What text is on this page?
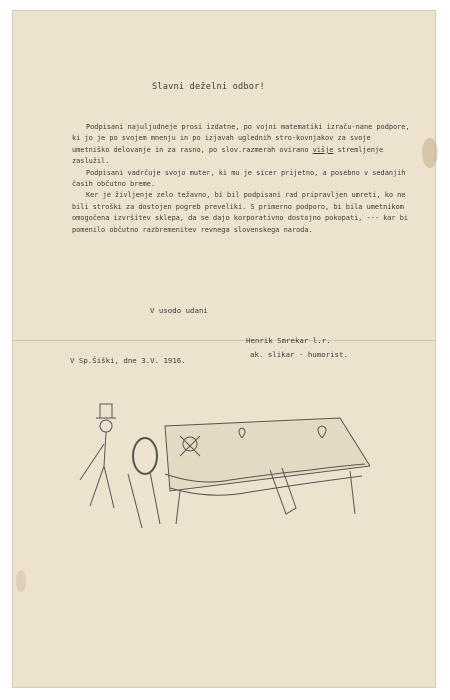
Slavni deželni odbor!

Podpisani najuljudneje prosi izdatne, po vojni matematiki izraču-nane podpore, ki jo je po svojem mnenju in po izjavah uglednih stro-kovnjakov za svoje umetniško delovanje in za rasno, po slov.razmerah ovirano višje stremljenje zaslužil.

Podpisani vadrčuje svojo muter, ki mu je sicer prijetno, a posebno v sedanjih časih občutno breme.

Ker je življenje zelo težavno, bi bil podpisani rad pripravljen umreti, ko ne bili stroški za dostojen pogreb preveliki. S primerno podporo, bi bila umetnikom omogočena izvršitev sklepa, da se dajo korporativno dostojno pokopati, --- kar bi pomenilo občutno razbremenitev revnega slovenskega naroda.

V usodo udani
Henrik Smrekar l.r.
ak. slikar - humorist.
V Sp.Šiški, dne 3.V. 1916.
